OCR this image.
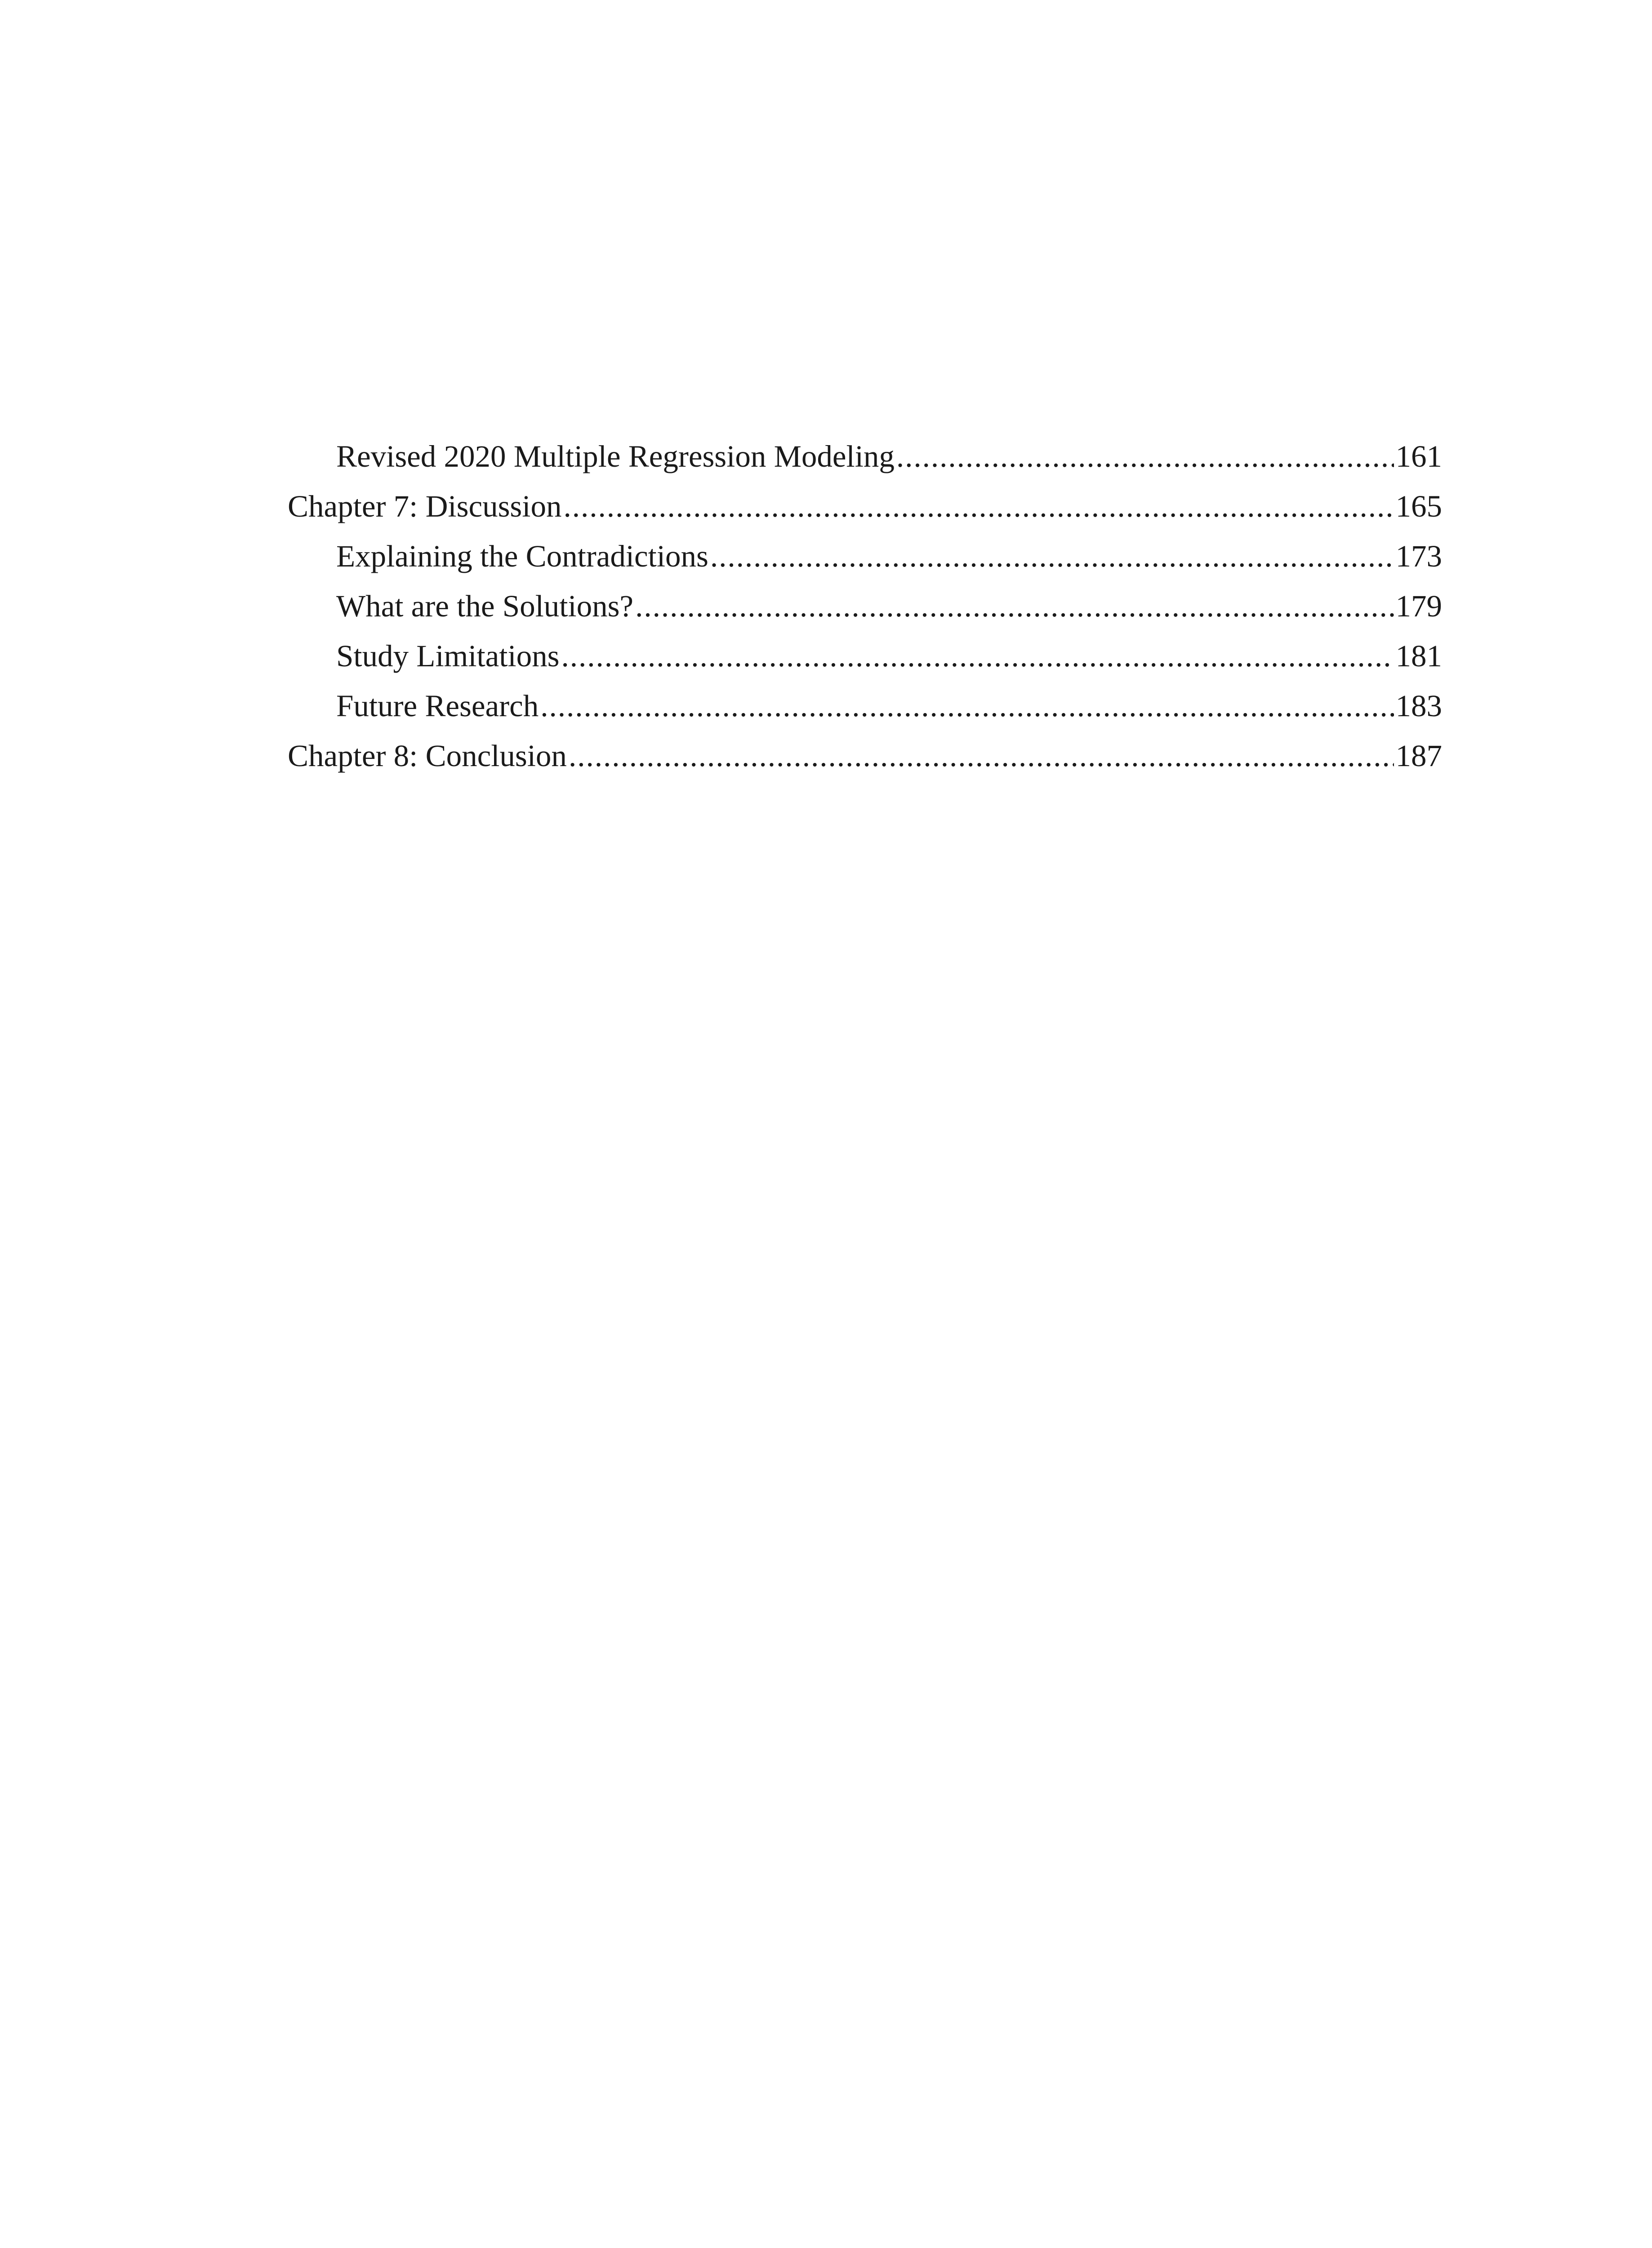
Revised 2020 Multiple Regression Modeling .....	161
Chapter 7: Discussion .....	165
Explaining the Contradictions .....	173
What are the Solutions? .....	179
Study Limitations .....	181
Future Research .....	183
Chapter 8: Conclusion .....	187
